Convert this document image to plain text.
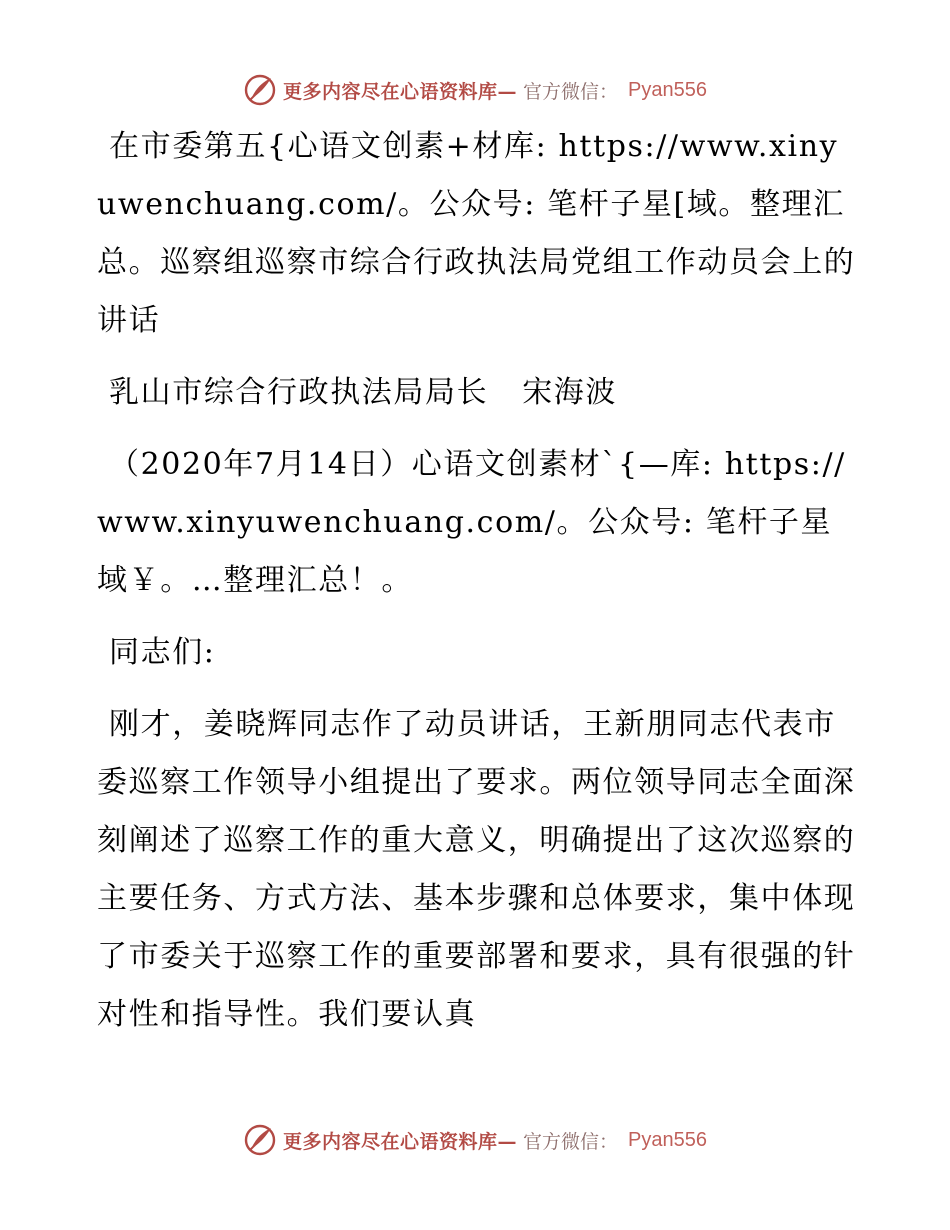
更多内容尽在心语资料库— 官方微信： Pyan556

在市委第五{心语文创素+材库: https://www.xinyuwenchuang.com/。公众号: 笔杆子星[域。整理汇总。巡察组巡察市综合行政执法局党组工作动员会上的讲话

乳山市综合行政执法局局长 宋海波

（2020年7月14日）心语文创素材`{—库: https://www.xinyuwenchuang.com/。公众号: 笔杆子星域￥。…整理汇总！。

同志们:

刚才，姜晓辉同志作了动员讲话，王新朋同志代表市委巡察工作领导小组提出了要求。两位领导同志全面深刻阐述了巡察工作的重大意义，明确提出了这次巡察的主要任务、方式方法、基本步骤和总体要求，集中体现了市委关于巡察工作的重要部署和要求，具有很强的针对性和指导性。我们要认真

更多内容尽在心语资料库— 官方微信： Pyan556
